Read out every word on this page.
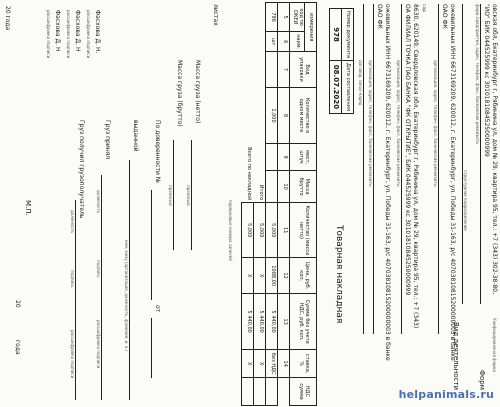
Унифицированная форма
Форм
овская обл, Екатеринбург г, Рябинина ул, дом № 29, квартира 95, тел.: +7 (343) 302-38-80,
"ИО" БИК 044525999 кс 30101810845250000999
фирм.предприятия, адрес, телефон, факс, банковские реквизиты
Вид деятельности
структурное подразделение
ожевильных ИНН 6673169209, 620012, г. Екатеринбург, ул. Победы 31-163, р/с 40703810815200000003 в банке
ОАО ФК
организация, адрес, телефон, факс, банковские реквизиты
сор
8630, 620149, Свердловская обл, Екатеринбург г, Рябинина ул, дом № 29, квартира 95, тел.: +7 (343)
ОА ФИЛИАЛ ТОЧКА ПАО БАНКА "ФК ОТКРЫТИЕ", БИК 044525999 кс 30101810845250000999
организация, адрес, телефон, факс, банковские реквизиты
ожевильных ИНН 6673169209, 620012, г. Екатеринбург, ул. Победы 31-163, р/с 40703810815200000003 в банке
ОАО ФК
организация, адрес, телефон, факс, банковские реквизиты
договор, заказ-наряд
Номер документа	Дата составления
978	08.07.2020
Товарная накладная
измерения		Вид упаковки	Количество в одном месте	мест, штук	Масса брутто	Количество (масса нетто)	Цена, руб. коп.	Сумма без учета НДС, руб. коп.	ставка, %	НДС сумма
код по ОКЕИ	наим.									
5	6	7	8	9	10	11	12	13	14	
796	шт		1,000			5,000	1088,00	5 440,00	без НДС	
Итого						5,000	X	5 440,00	X	
Всего по накладной						5,000	X	5 440,00	X	
порядковые номера записей
листах
Масса груза (нетто)
прописью
Масса груза (брутто)
прописью
По доверенности №
от
выданной
кем, кому (организация, должность, фамилия, и. о.)
Груз принял
должность
подпись
расшифровка подписи
Груз получил грузополучатель
должность
подпись
расшифровка подписи
Фасхова Д. Н.
расшифровка подписи
Фасхова Д. Н
расшифровка подписи
Фасхова Д. Н
расшифровка подписи
20 года
М.П.
20
года
helpanimals.ru
